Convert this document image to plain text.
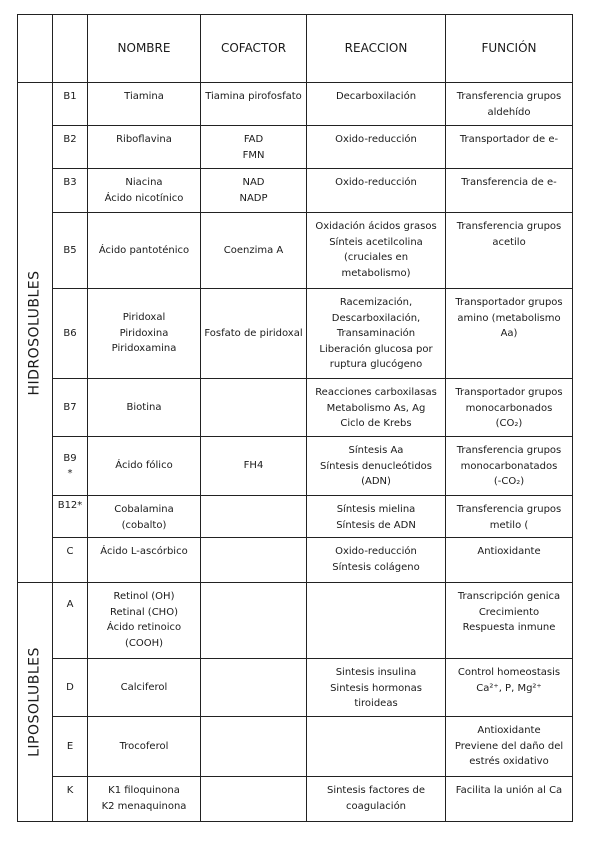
		NOMBRE	COFACTOR	REACCION	FUNCIÓN

HIDROSOLUBLES	B1	Tiamina	Tiamina pirofosfato	Decarboxilación	Transferencia grupos
aldehído
	B2	Riboflavina	FAD
FMN	Oxido-reducción	Transportador de e-
	B3	Niacina
Ácido nicotínico	NAD
NADP	Oxido-reducción	Transferencia de e-
	B5	Ácido pantoténico	Coenzima A	Oxidación ácidos grasos
Sínteis acetilcolina
(cruciales en
metabolismo)	Transferencia grupos
acetilo
	B6	Piridoxal
Piridoxina
Piridoxamina	Fosfato de piridoxal	Racemización,
Descarboxilación,
Transaminación
Liberación glucosa por
ruptura glucógeno	Transportador grupos
amino (metabolismo
Aa)
	B7	Biotina		Reacciones carboxilasas
Metabolismo As, Ag
Ciclo de Krebs	Transportador grupos
monocarbonados
(CO₂)
	B9
*	Ácido fólico	FH4	Síntesis Aa
Síntesis denucleótidos
(ADN)	Transferencia grupos
monocarbonatados
(-CO₂)
	B12*	Cobalamina
(cobalto)		Síntesis mielina
Síntesis de ADN	Transferencia grupos
metilo (
	C	Ácido L-ascórbico		Oxido-reducción
Síntesis colágeno	Antioxidante

LIPOSOLUBLES	A	Retinol (OH)
Retinal (CHO)
Ácido retinoico
(COOH)			Transcripción genica
Crecimiento
Respuesta inmune
	D	Calciferol		Sintesis insulina
Sintesis hormonas
tiroideas	Control homeostasis
Ca²⁺, P, Mg²⁺
	E	Trocoferol			Antioxidante
Previene del daño del
estrés oxidativo
	K	K1 filoquinona
K2 menaquinona		Sintesis factores de
coagulación	Facilita la unión al Ca
